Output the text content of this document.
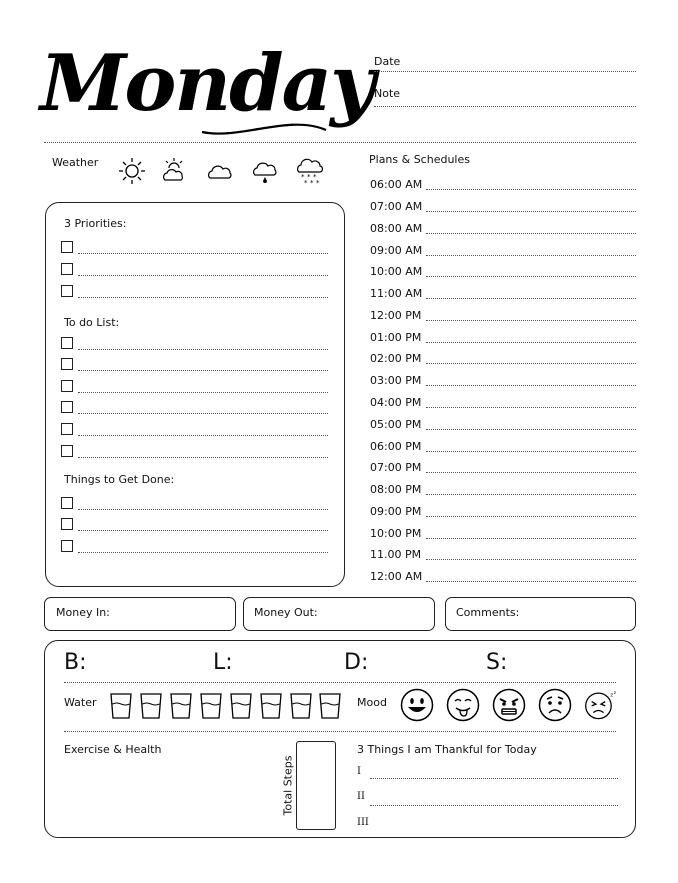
Monday Date
Note
Weather
* * *
* * *
3 Priorities:
To do List:
Things to Get Done:
Plans & Schedules
06:00 AM
07:00 AM
08:00 AM
09:00 AM
10:00 AM
11:00 AM
12:00 PM
01:00 PM
02:00 PM
03:00 PM
04:00 PM
05:00 PM
06:00 PM
07:00 PM
08:00 PM
09:00 PM
10:00 PM
11.00 PM
12:00 AM
Money In:	Money Out:	Comments:
B:	L:	D:	S:
Water	Mood
z z
Exercise & Health
Total Steps
3 Things I am Thankful for Today
I
II
III
